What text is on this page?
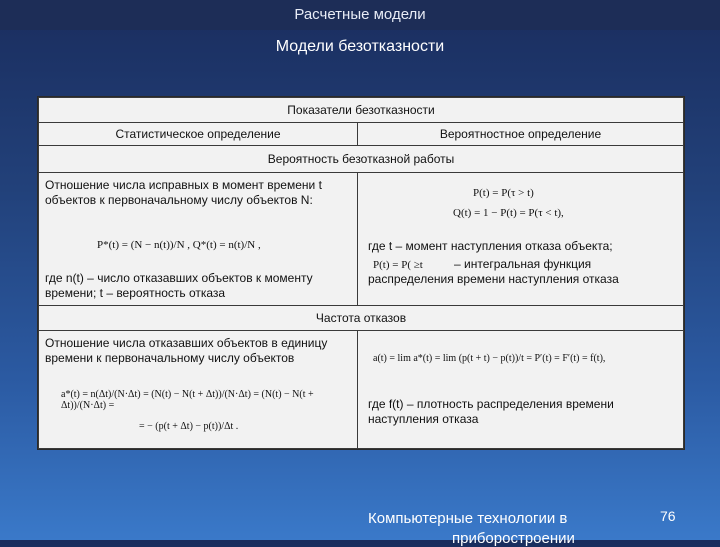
Расчетные модели
Модели безотказности
Показатели безотказности
Статистическое определение	Вероятностное определение
Вероятность безотказной работы
Отношение числа исправных в момент времени t объектов к первоначальному числу объектов N:
P*(t) = (N − n(t))/N , Q*(t) = n(t)/N ,
где n(t) – число отказавших объектов к моменту времени; t – вероятность отказа
P(t) = P(τ > t)
Q(t) = 1 − P(t) = P(τ < t),
где t – момент наступления отказа объекта;
P(t) = P( ≥t	– интегральная функция распределения времени наступления отказа
Частота отказов
Отношение числа отказавших объектов в единицу времени к первоначальному числу объектов
a*(t) = n(Δt)/(N·Δt) = (N(t) − N(t + Δt))/(N·Δt) = (N(t) − N(t + Δt))/(N·Δt) =
= − (p(t + Δt) − p(t))/Δt .
a(t) = lim a*(t) = lim (p(t + t) − p(t))/t = P′(t) = F′(t) = f(t),
где f(t) – плотность распределения времени наступления отказа
Компьютерные технологии в
приборостроении
76
